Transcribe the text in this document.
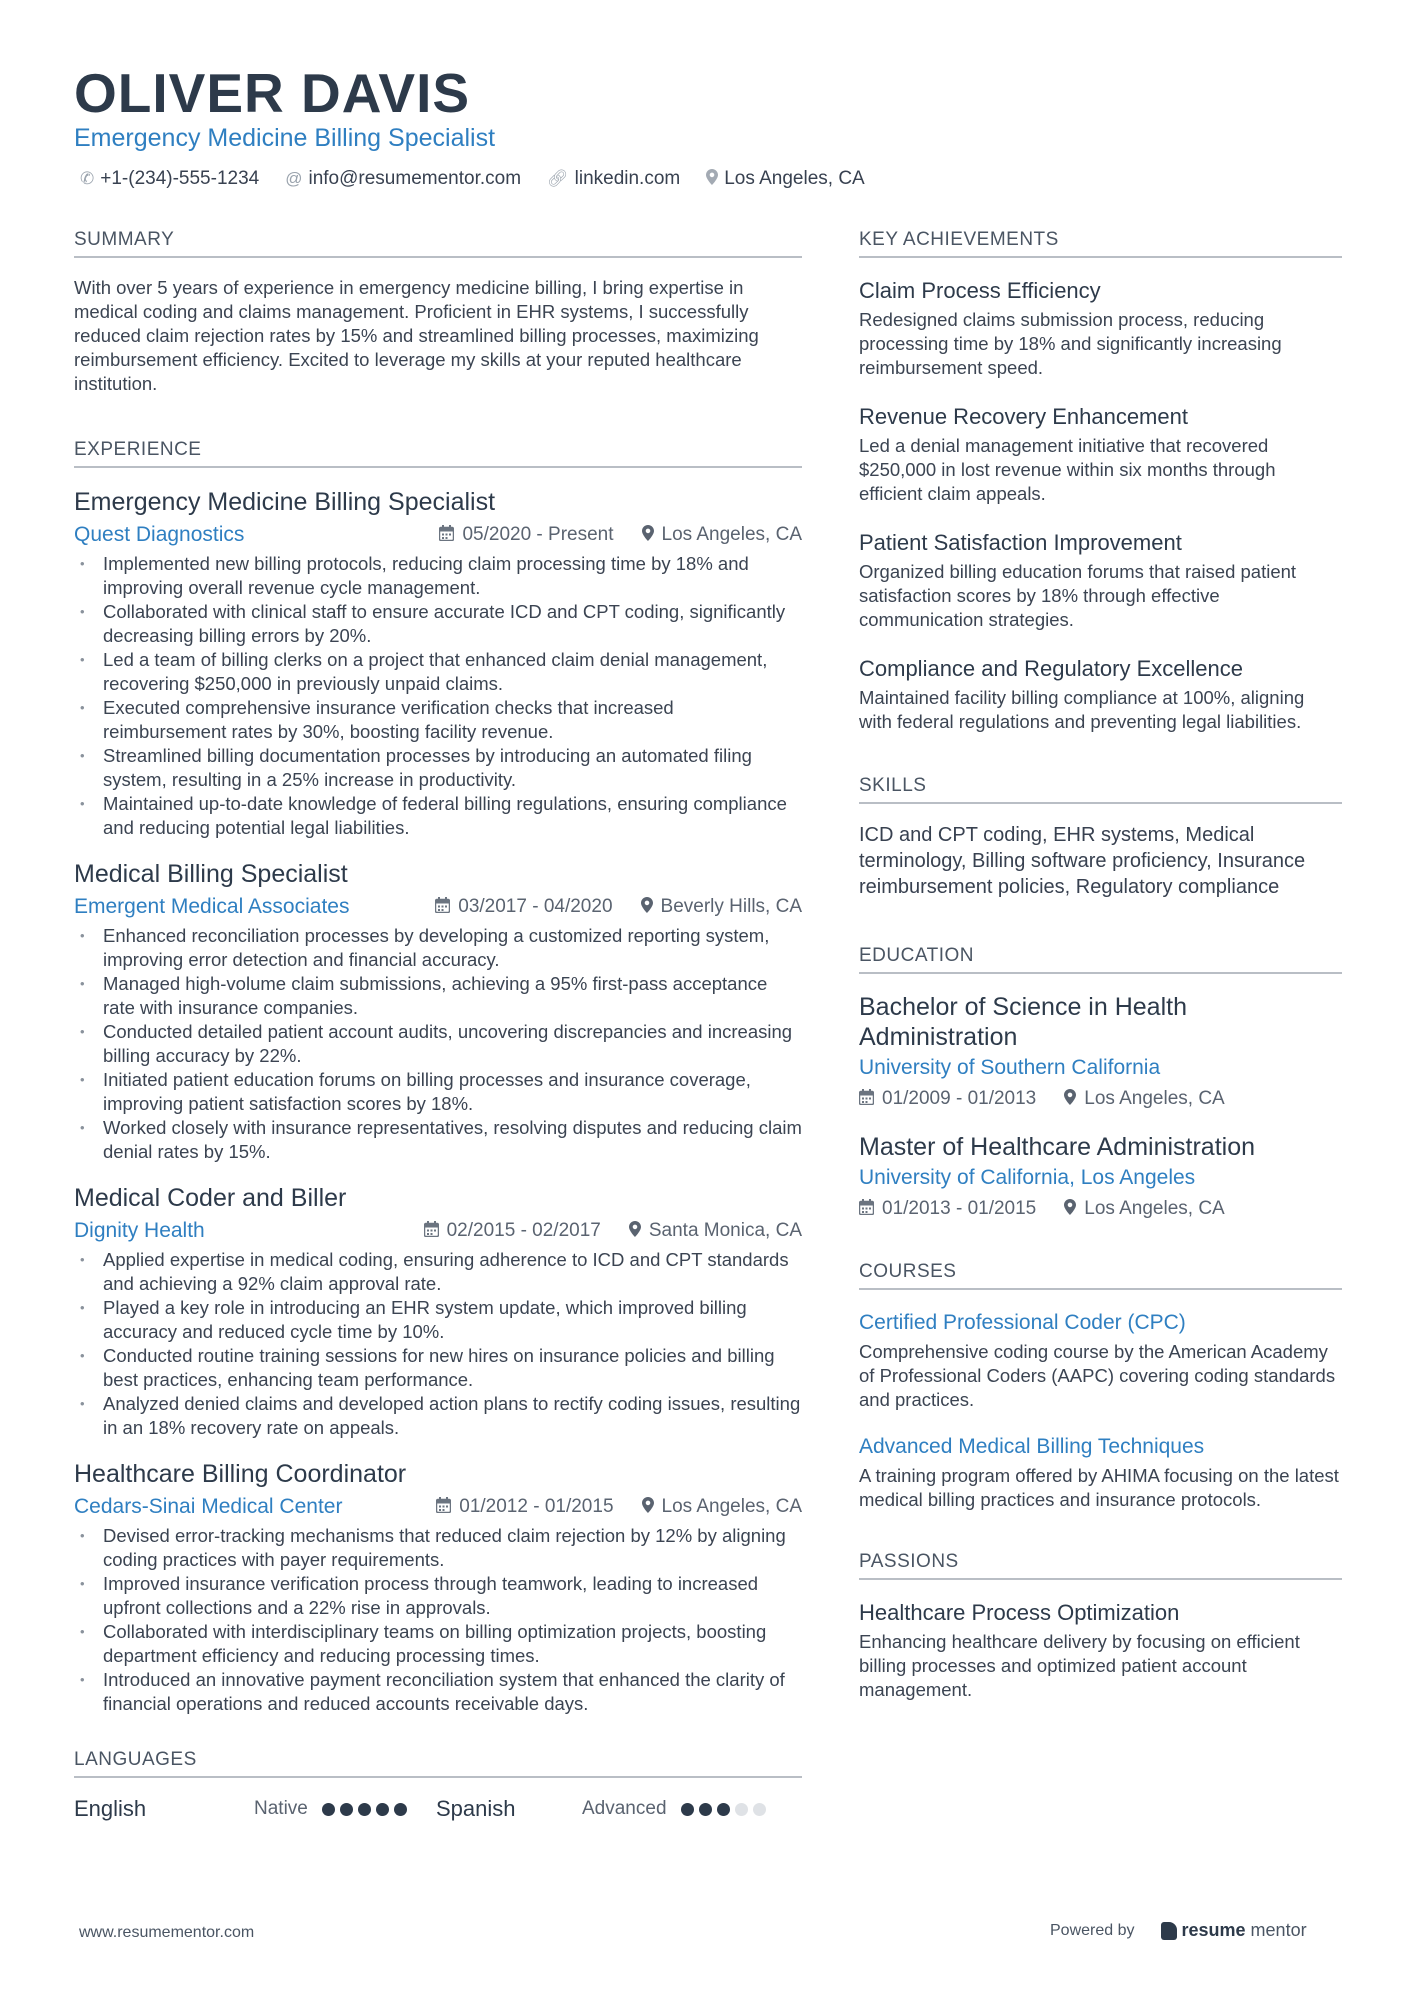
OLIVER DAVIS
Emergency Medicine Billing Specialist
✆ +1-(234)-555-1234 @ info@resumementor.com 🔗︎ linkedin.com Los Angeles, CA
SUMMARY

With over 5 years of experience in emergency medicine billing, I bring expertise in medical coding and claims management. Proficient in EHR systems, I successfully reduced claim rejection rates by 15% and streamlined billing processes, maximizing reimbursement efficiency. Excited to leverage my skills at your reputed healthcare institution.

EXPERIENCE
Emergency Medicine Billing Specialist
Quest Diagnostics	05/2020 - Present	Los Angeles, CA
• Implemented new billing protocols, reducing claim processing time by 18% and improving overall revenue cycle management.
• Collaborated with clinical staff to ensure accurate ICD and CPT coding, significantly decreasing billing errors by 20%.
• Led a team of billing clerks on a project that enhanced claim denial management, recovering $250,000 in previously unpaid claims.
• Executed comprehensive insurance verification checks that increased reimbursement rates by 30%, boosting facility revenue.
• Streamlined billing documentation processes by introducing an automated filing system, resulting in a 25% increase in productivity.
• Maintained up-to-date knowledge of federal billing regulations, ensuring compliance and reducing potential legal liabilities.
Medical Billing Specialist
Emergent Medical Associates	03/2017 - 04/2020	Beverly Hills, CA
• Enhanced reconciliation processes by developing a customized reporting system, improving error detection and financial accuracy.
• Managed high-volume claim submissions, achieving a 95% first-pass acceptance rate with insurance companies.
• Conducted detailed patient account audits, uncovering discrepancies and increasing billing accuracy by 22%.
• Initiated patient education forums on billing processes and insurance coverage, improving patient satisfaction scores by 18%.
• Worked closely with insurance representatives, resolving disputes and reducing claim denial rates by 15%.
Medical Coder and Biller
Dignity Health	02/2015 - 02/2017	Santa Monica, CA
• Applied expertise in medical coding, ensuring adherence to ICD and CPT standards and achieving a 92% claim approval rate.
• Played a key role in introducing an EHR system update, which improved billing accuracy and reduced cycle time by 10%.
• Conducted routine training sessions for new hires on insurance policies and billing best practices, enhancing team performance.
• Analyzed denied claims and developed action plans to rectify coding issues, resulting in an 18% recovery rate on appeals.
Healthcare Billing Coordinator
Cedars-Sinai Medical Center	01/2012 - 01/2015	Los Angeles, CA
• Devised error-tracking mechanisms that reduced claim rejection by 12% by aligning coding practices with payer requirements.
• Improved insurance verification process through teamwork, leading to increased upfront collections and a 22% rise in approvals.
• Collaborated with interdisciplinary teams on billing optimization projects, boosting department efficiency and reducing processing times.
• Introduced an innovative payment reconciliation system that enhanced the clarity of financial operations and reduced accounts receivable days.
LANGUAGES
English	Native	Spanish	Advanced
KEY ACHIEVEMENTS
Claim Process Efficiency
Redesigned claims submission process, reducing processing time by 18% and significantly increasing reimbursement speed.
Revenue Recovery Enhancement
Led a denial management initiative that recovered $250,000 in lost revenue within six months through efficient claim appeals.
Patient Satisfaction Improvement
Organized billing education forums that raised patient satisfaction scores by 18% through effective communication strategies.
Compliance and Regulatory Excellence
Maintained facility billing compliance at 100%, aligning with federal regulations and preventing legal liabilities.
SKILLS

ICD and CPT coding, EHR systems, Medical terminology, Billing software proficiency, Insurance reimbursement policies, Regulatory compliance

EDUCATION
Bachelor of Science in Health Administration
University of Southern California
01/2009 - 01/2013	Los Angeles, CA
Master of Healthcare Administration
University of California, Los Angeles
01/2013 - 01/2015	Los Angeles, CA
COURSES
Certified Professional Coder (CPC)
Comprehensive coding course by the American Academy of Professional Coders (AAPC) covering coding standards and practices.
Advanced Medical Billing Techniques
A training program offered by AHIMA focusing on the latest medical billing practices and insurance protocols.
PASSIONS
Healthcare Process Optimization
Enhancing healthcare delivery by focusing on efficient billing processes and optimized patient account management.
www.resumementor.com	Powered by	resume mentor
